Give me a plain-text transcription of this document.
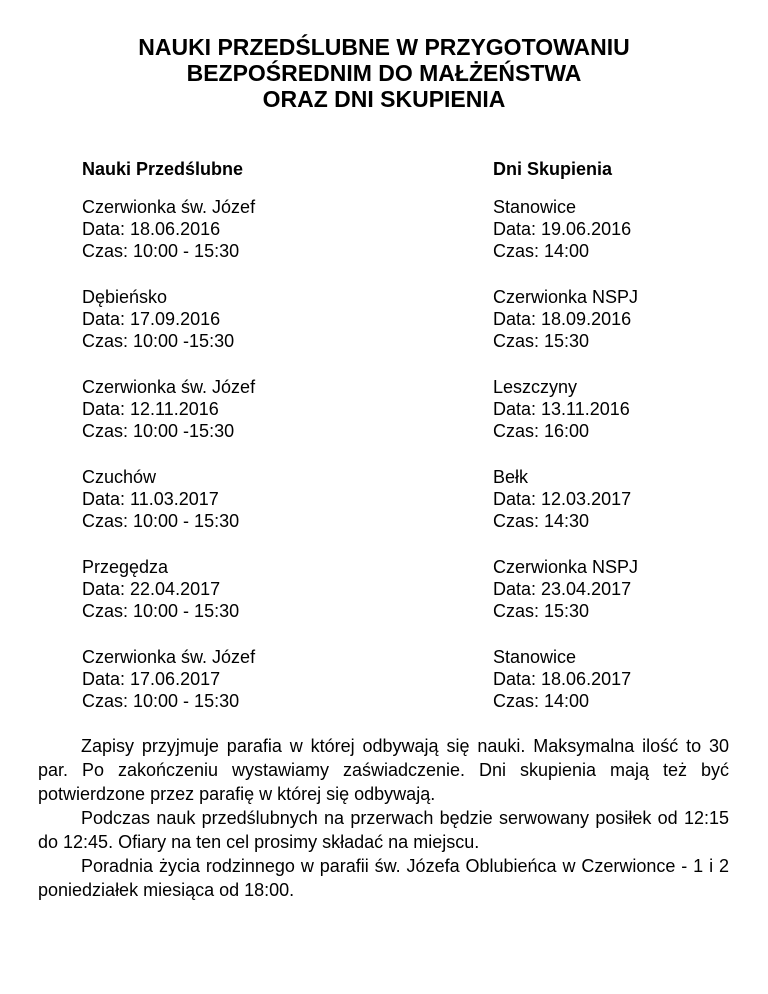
NAUKI PRZEDŚLUBNE W PRZYGOTOWANIU
BEZPOŚREDNIM DO MAŁŻEŃSTWA
ORAZ DNI SKUPIENIA
Nauki Przedślubne
Czerwionka św. Józef
Data: 18.06.2016
Czas: 10:00 - 15:30
Dębieńsko
Data: 17.09.2016
Czas: 10:00 -15:30
Czerwionka św. Józef
Data: 12.11.2016
Czas: 10:00 -15:30
Czuchów
Data: 11.03.2017
Czas: 10:00 - 15:30
Przegędza
Data: 22.04.2017
Czas: 10:00 - 15:30
Czerwionka św. Józef
Data: 17.06.2017
Czas: 10:00 - 15:30
Dni Skupienia
Stanowice
Data: 19.06.2016
Czas: 14:00
Czerwionka NSPJ
Data: 18.09.2016
Czas: 15:30
Leszczyny
Data: 13.11.2016
Czas: 16:00
Bełk
Data: 12.03.2017
Czas: 14:30
Czerwionka NSPJ
Data: 23.04.2017
Czas: 15:30
Stanowice
Data: 18.06.2017
Czas: 14:00

Zapisy przyjmuje parafia w której odbywają się nauki. Maksymalna ilość to 30 par. Po zakończeniu wystawiamy zaświadczenie. Dni skupienia mają też być potwierdzone przez parafię w której się odbywają.

Podczas nauk przedślubnych na przerwach będzie serwowany posiłek od 12:15 do 12:45. Ofiary na ten cel prosimy składać na miejscu.

Poradnia życia rodzinnego w parafii św. Józefa Oblubieńca w Czerwionce - 1 i 2 poniedziałek miesiąca od 18:00.
